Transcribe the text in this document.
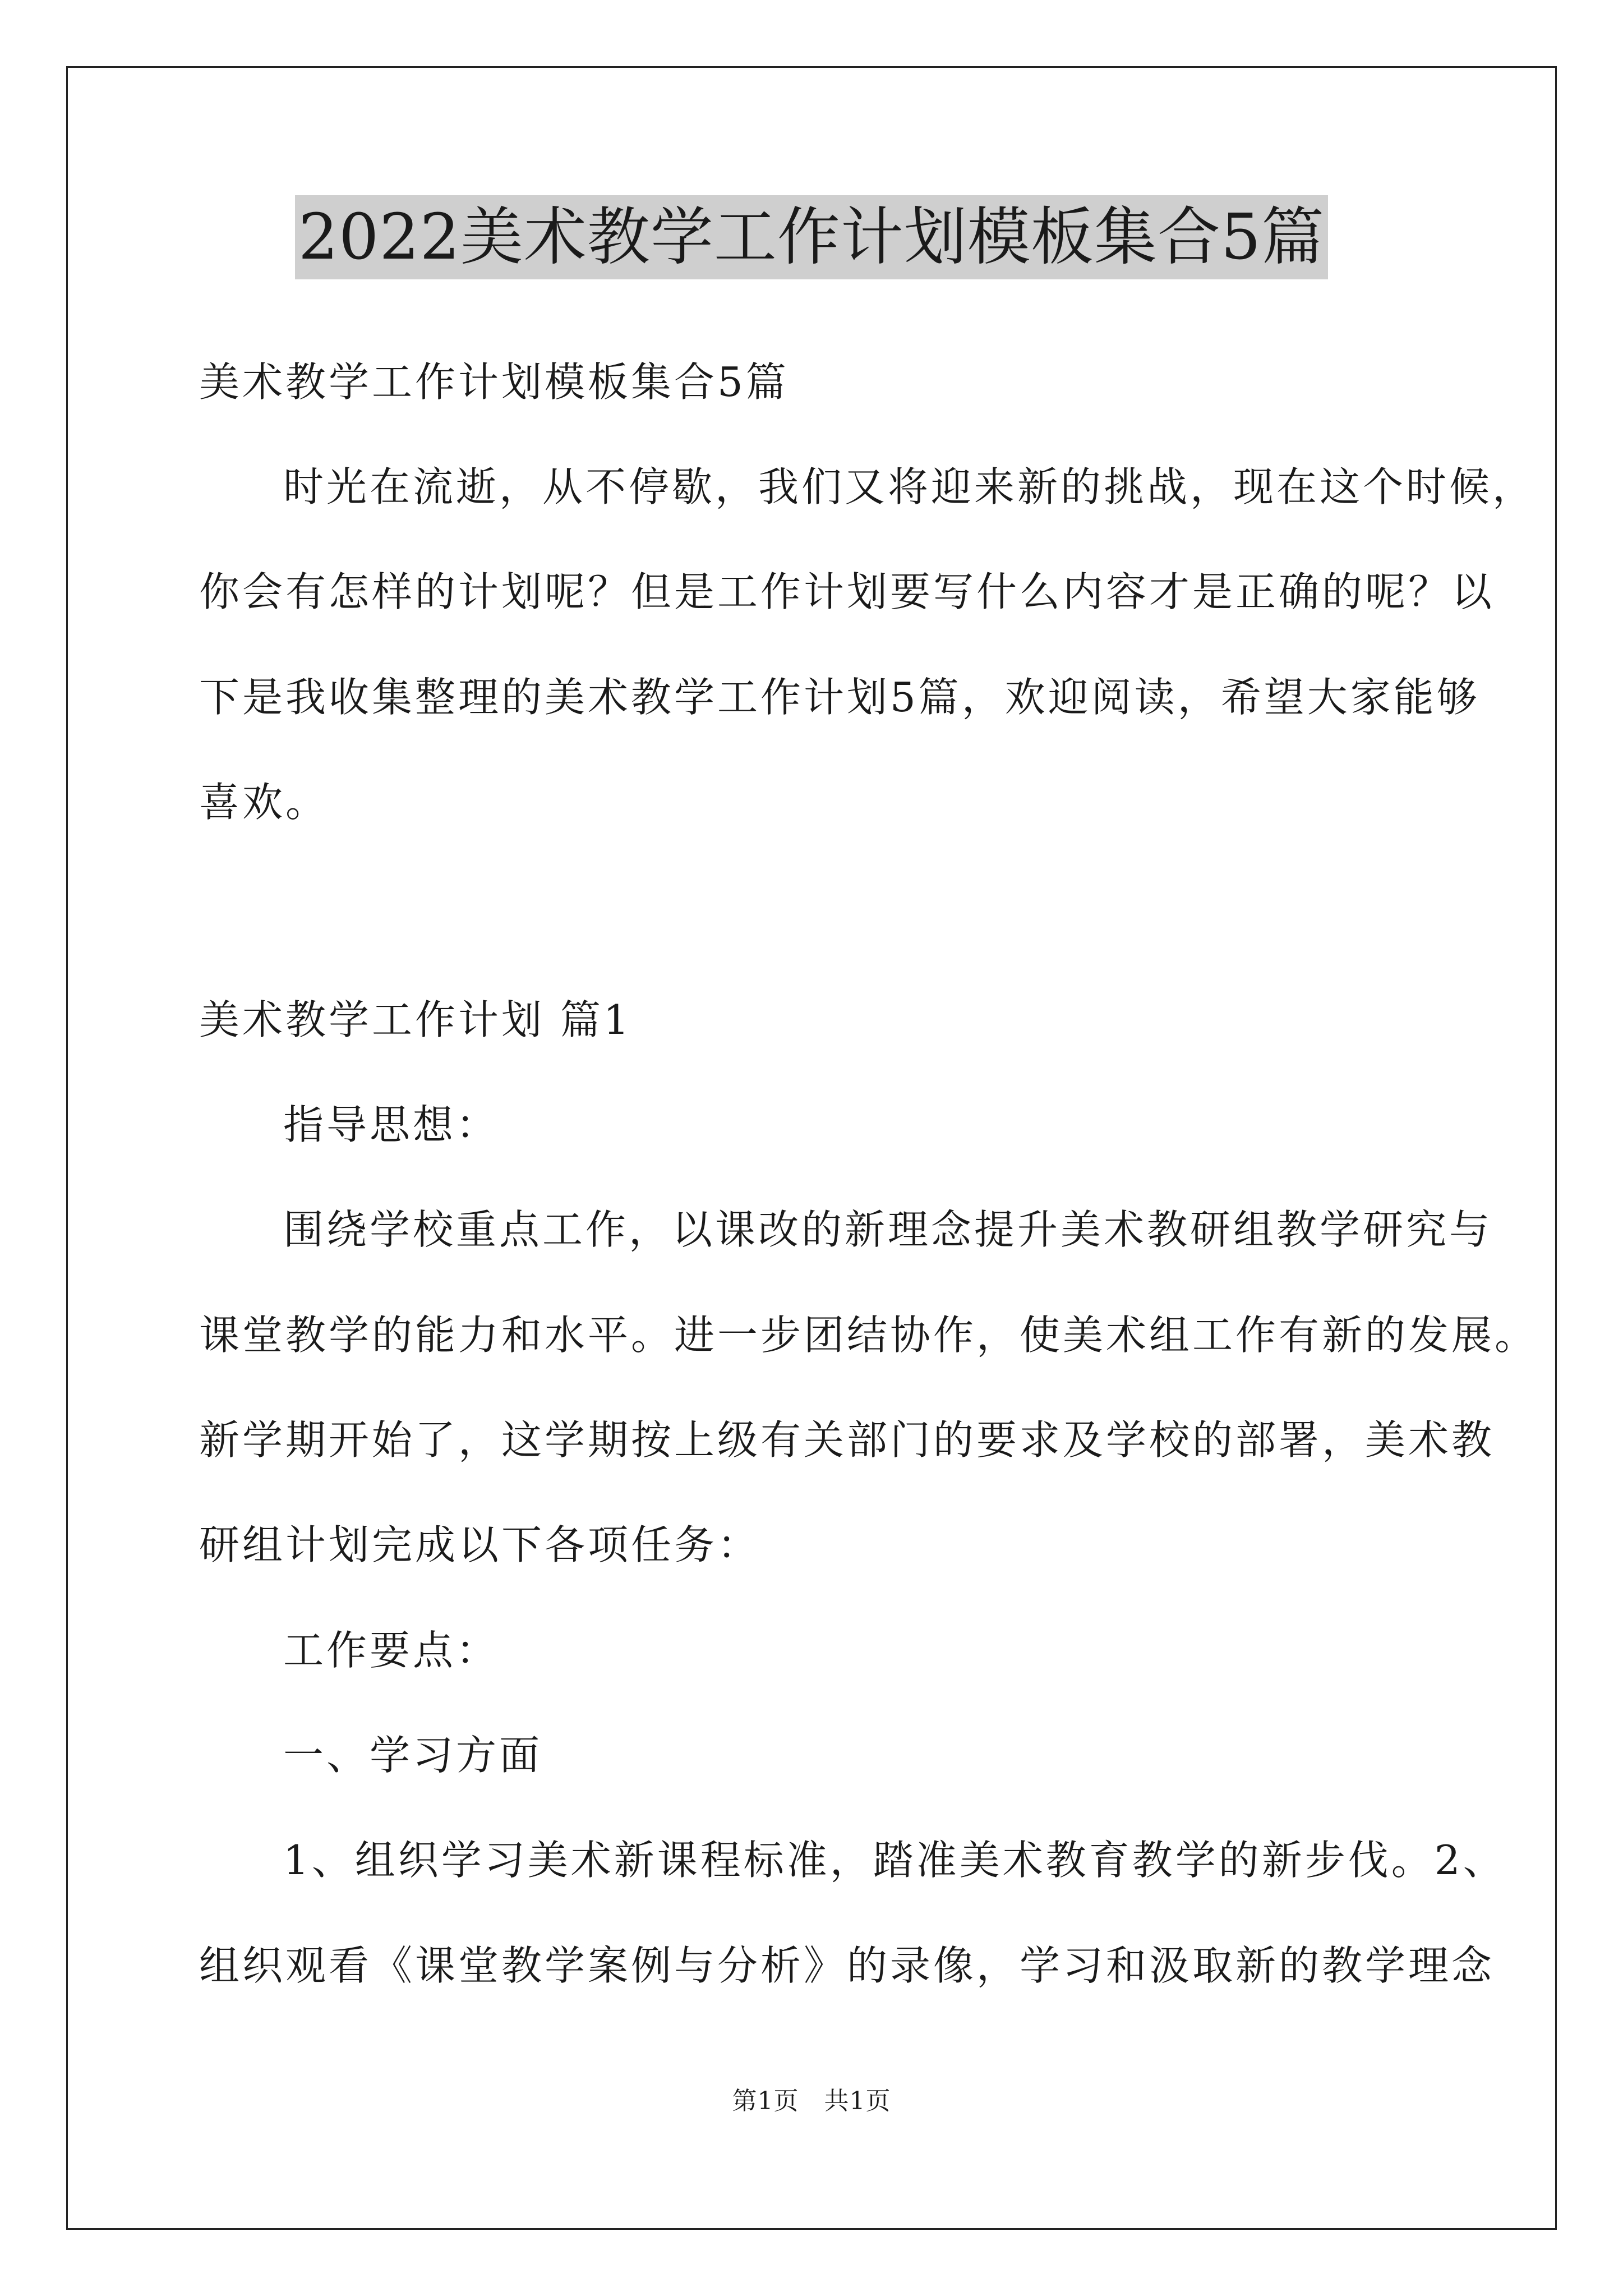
2022美术教学工作计划模板集合5篇
美术教学工作计划模板集合5篇
时光在流逝，从不停歇，我们又将迎来新的挑战，现在这个时候，
你会有怎样的计划呢？但是工作计划要写什么内容才是正确的呢？以
下是我收集整理的美术教学工作计划5篇，欢迎阅读，希望大家能够
喜欢。
美术教学工作计划 篇1
指导思想：
围绕学校重点工作，以课改的新理念提升美术教研组教学研究与
课堂教学的能力和水平。进一步团结协作，使美术组工作有新的发展。
新学期开始了，这学期按上级有关部门的要求及学校的部署，美术教
研组计划完成以下各项任务：
工作要点：
一、学习方面
1、组织学习美术新课程标准，踏准美术教育教学的新步伐。2、
组织观看《课堂教学案例与分析》的录像，学习和汲取新的教学理念
第1页　共1页
